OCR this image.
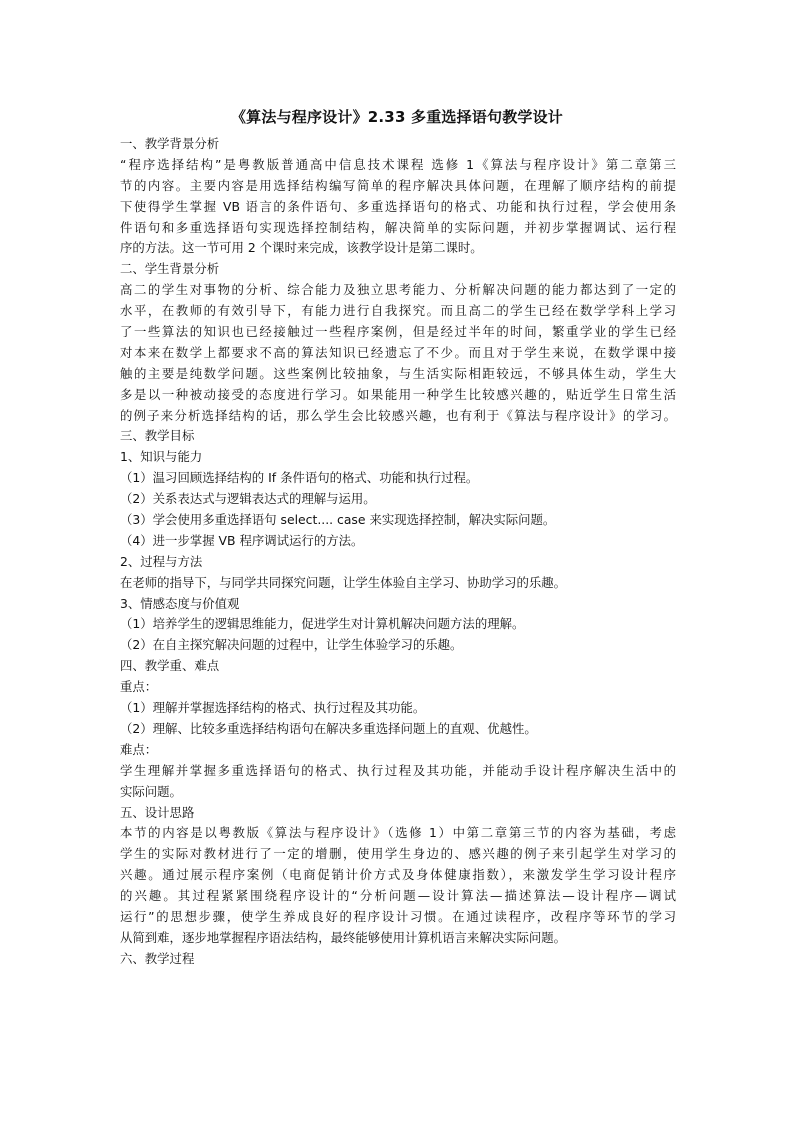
《算法与程序设计》2.33 多重选择语句教学设计
一、教学背景分析
“程序选择结构”是粤教版普通高中信息技术课程 选修 1《算法与程序设计》第二章第三
节的内容。主要内容是用选择结构编写简单的程序解决具体问题，在理解了顺序结构的前提
下使得学生掌握 VB 语言的条件语句、多重选择语句的格式、功能和执行过程，学会使用条
件语句和多重选择语句实现选择控制结构，解决简单的实际问题，并初步掌握调试、运行程
序的方法。这一节可用 2 个课时来完成，该教学设计是第二课时。
二、学生背景分析
高二的学生对事物的分析、综合能力及独立思考能力、分析解决问题的能力都达到了一定的
水平，在教师的有效引导下，有能力进行自我探究。而且高二的学生已经在数学学科上学习
了一些算法的知识也已经接触过一些程序案例，但是经过半年的时间，繁重学业的学生已经
对本来在数学上都要求不高的算法知识已经遗忘了不少。而且对于学生来说，在数学课中接
触的主要是纯数学问题。这些案例比较抽象，与生活实际相距较远，不够具体生动，学生大
多是以一种被动接受的态度进行学习。如果能用一种学生比较感兴趣的，贴近学生日常生活
的例子来分析选择结构的话，那么学生会比较感兴趣，也有利于《算法与程序设计》的学习。
三、教学目标
1、知识与能力
（1）温习回顾选择结构的 If 条件语句的格式、功能和执行过程。
（2）关系表达式与逻辑表达式的理解与运用。
（3）学会使用多重选择语句 select.... case 来实现选择控制，解决实际问题。
（4）进一步掌握 VB 程序调试运行的方法。
2、过程与方法
在老师的指导下，与同学共同探究问题，让学生体验自主学习、协助学习的乐趣。
3、情感态度与价值观
（1）培养学生的逻辑思维能力，促进学生对计算机解决问题方法的理解。
（2）在自主探究解决问题的过程中，让学生体验学习的乐趣。
四、教学重、难点
重点：
（1）理解并掌握选择结构的格式、执行过程及其功能。
（2）理解、比较多重选择结构语句在解决多重选择问题上的直观、优越性。
难点：
学生理解并掌握多重选择语句的格式、执行过程及其功能，并能动手设计程序解决生活中的
实际问题。
五、设计思路
本节的内容是以粤教版《算法与程序设计》（选修 1）中第二章第三节的内容为基础，考虑
学生的实际对教材进行了一定的增删，使用学生身边的、感兴趣的例子来引起学生对学习的
兴趣。通过展示程序案例（电商促销计价方式及身体健康指数），来激发学生学习设计程序
的兴趣。其过程紧紧围绕程序设计的“分析问题—设计算法—描述算法—设计程序—调试
运行”的思想步骤，使学生养成良好的程序设计习惯。在通过读程序，改程序等环节的学习
从简到难，逐步地掌握程序语法结构，最终能够使用计算机语言来解决实际问题。
六、教学过程
